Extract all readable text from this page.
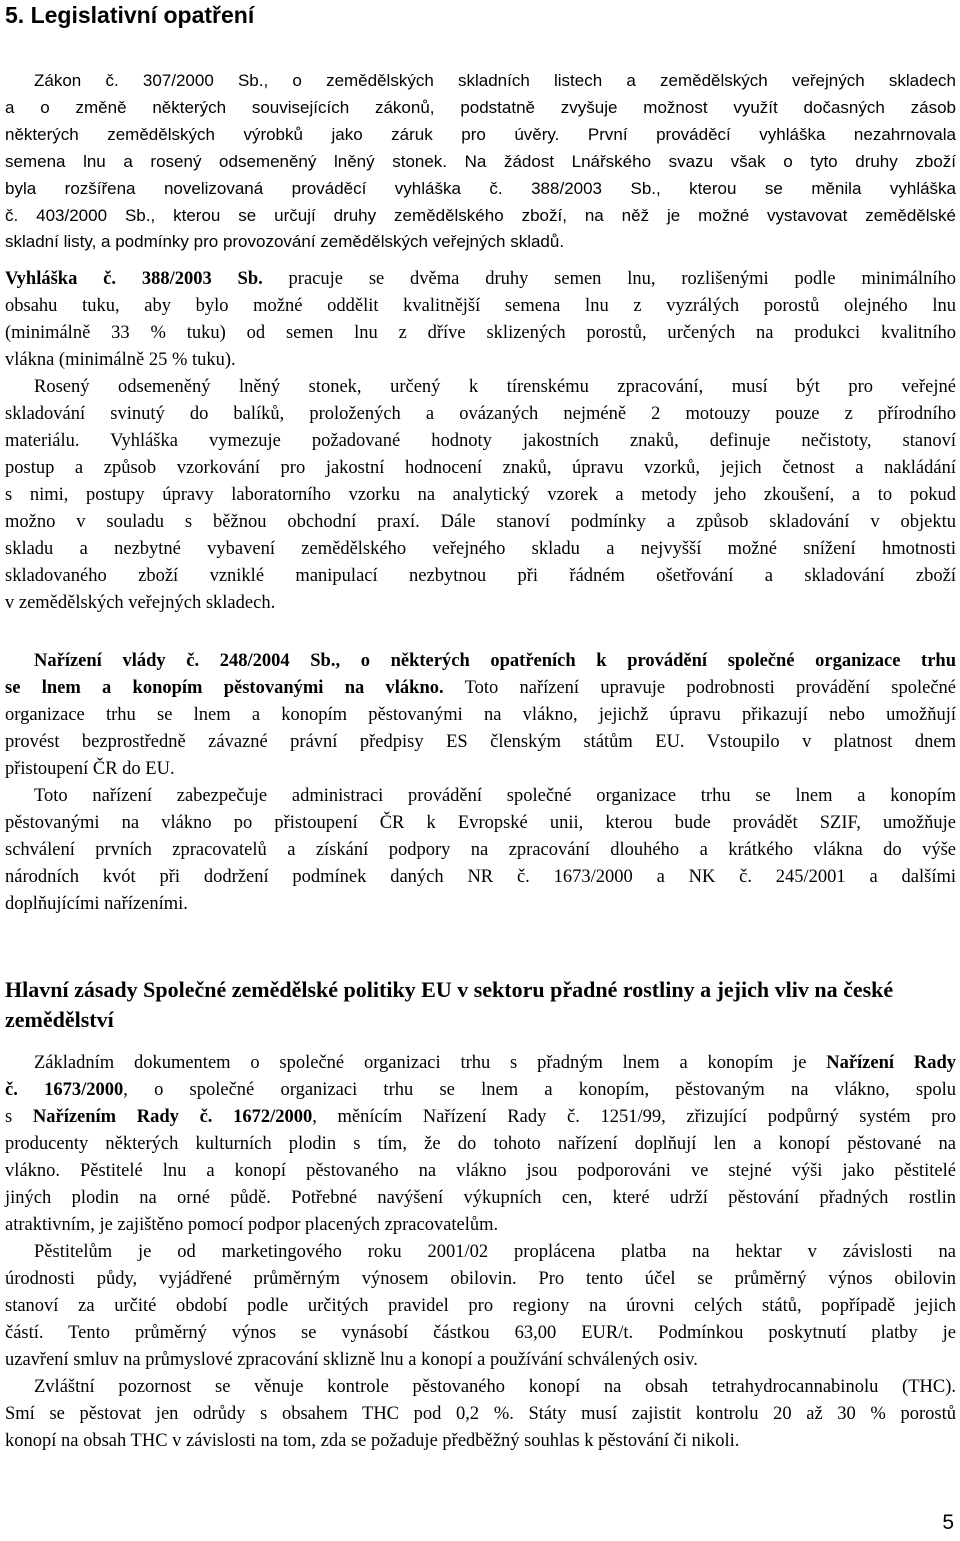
5. Legislativní opatření
Zákon č. 307/2000 Sb., o zemědělských skladních listech a zemědělských veřejných skladech
a o změně některých souvisejících zákonů, podstatně zvyšuje možnost využít dočasných zásob
některých zemědělských výrobků jako záruk pro úvěry. První prováděcí vyhláška nezahrnovala
semena lnu a rosený odsemeněný lněný stonek. Na žádost Lnářského svazu však o tyto druhy zboží
byla rozšířena novelizovaná prováděcí vyhláška č. 388/2003 Sb., kterou se měnila vyhláška
č. 403/2000 Sb., kterou se určují druhy zemědělského zboží, na něž je možné vystavovat zemědělské
skladní listy, a podmínky pro provozování zemědělských veřejných skladů.
Vyhláška č. 388/2003 Sb. pracuje se dvěma druhy semen lnu, rozlišenými podle minimálního
obsahu tuku, aby bylo možné oddělit kvalitnější semena lnu z vyzrálých porostů olejného lnu
(minimálně 33 % tuku) od semen lnu z dříve sklizených porostů, určených na produkci kvalitního
vlákna (minimálně 25 % tuku).
Rosený odsemeněný lněný stonek, určený k tírenskému zpracování, musí být pro veřejné
skladování svinutý do balíků, proložených a ovázaných nejméně 2 motouzy pouze z přírodního
materiálu. Vyhláška vymezuje požadované hodnoty jakostních znaků, definuje nečistoty, stanoví
postup a způsob vzorkování pro jakostní hodnocení znaků, úpravu vzorků, jejich četnost a nakládání
s nimi, postupy úpravy laboratorního vzorku na analytický vzorek a metody jeho zkoušení, a to pokud
možno v souladu s běžnou obchodní praxí. Dále stanoví podmínky a způsob skladování v objektu
skladu a nezbytné vybavení zemědělského veřejného skladu a nejvyšší možné snížení hmotnosti
skladovaného zboží vzniklé manipulací nezbytnou při řádném ošetřování a skladování zboží
v zemědělských veřejných skladech.
Nařízení vlády č. 248/2004 Sb., o některých opatřeních k provádění společné organizace trhu
se lnem a konopím pěstovanými na vlákno. Toto nařízení upravuje podrobnosti provádění společné
organizace trhu se lnem a konopím pěstovanými na vlákno, jejichž úpravu přikazují nebo umožňují
provést bezprostředně závazné právní předpisy ES členským státům EU. Vstoupilo v platnost dnem
přistoupení ČR do EU.
Toto nařízení zabezpečuje administraci provádění společné organizace trhu se lnem a konopím
pěstovanými na vlákno po přistoupení ČR k Evropské unii, kterou bude provádět SZIF, umožňuje
schválení prvních zpracovatelů a získání podpory na zpracování dlouhého a krátkého vlákna do výše
národních kvót při dodržení podmínek daných NR č. 1673/2000 a NK č. 245/2001 a dalšími
doplňujícími nařízeními.
Hlavní zásady Společné zemědělské politiky EU v sektoru přadné rostliny a jejich vliv na české zemědělství
Základním dokumentem o společné organizaci trhu s přadným lnem a konopím je Nařízení Rady
č. 1673/2000, o společné organizaci trhu se lnem a konopím, pěstovaným na vlákno, spolu
s Nařízením Rady č. 1672/2000, měnícím Nařízení Rady č. 1251/99, zřizující podpůrný systém pro
producenty některých kulturních plodin s tím, že do tohoto nařízení doplňují len a konopí pěstované na
vlákno. Pěstitelé lnu a konopí pěstovaného na vlákno jsou podporováni ve stejné výši jako pěstitelé
jiných plodin na orné půdě. Potřebné navýšení výkupních cen, které udrží pěstování přadných rostlin
atraktivním, je zajištěno pomocí podpor placených zpracovatelům.
Pěstitelům je od marketingového roku 2001/02 proplácena platba na hektar v závislosti na
úrodnosti půdy, vyjádřené průměrným výnosem obilovin. Pro tento účel se průměrný výnos obilovin
stanoví za určité období podle určitých pravidel pro regiony na úrovni celých států, popřípadě jejich
částí. Tento průměrný výnos se vynásobí částkou 63,00 EUR/t. Podmínkou poskytnutí platby je
uzavření smluv na průmyslové zpracování sklizně lnu a konopí a používání schválených osiv.
Zvláštní pozornost se věnuje kontrole pěstovaného konopí na obsah tetrahydrocannabinolu (THC).
Smí se pěstovat jen odrůdy s obsahem THC pod 0,2 %. Státy musí zajistit kontrolu 20 až 30 % porostů
konopí na obsah THC v závislosti na tom, zda se požaduje předběžný souhlas k pěstování či nikoli.
5
